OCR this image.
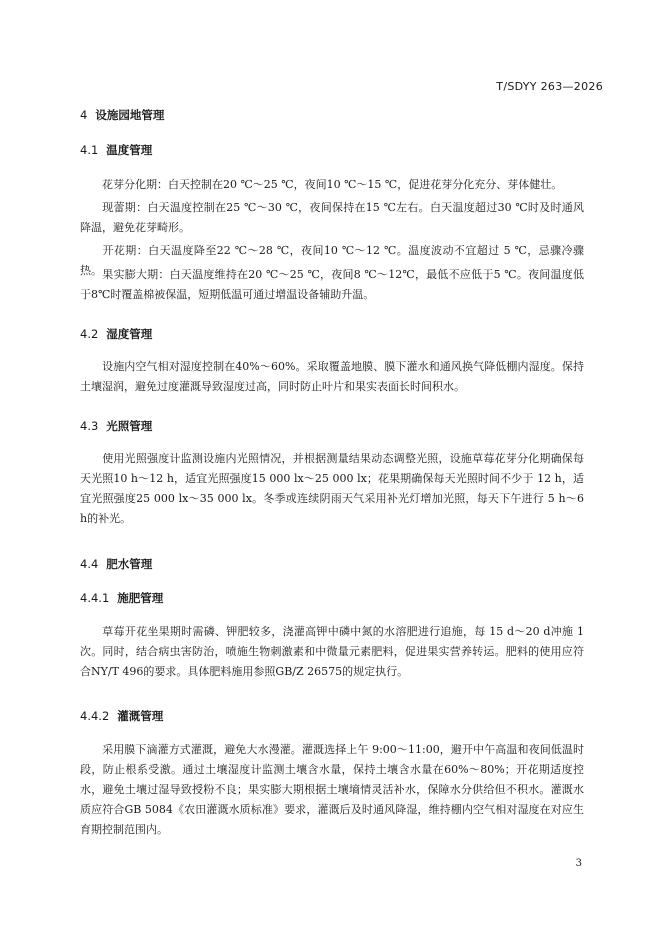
T/SDYY 263—2026
4 设施园地管理
4.1 温度管理
花芽分化期：白天控制在20 ℃～25 ℃，夜间10 ℃～15 ℃，促进花芽分化充分、芽体健壮。
现蕾期：白天温度控制在25 ℃～30 ℃，夜间保持在15 ℃左右。白天温度超过30 ℃时及时通风降温，避免花芽畸形。
开花期：白天温度降至22 ℃～28 ℃，夜间10 ℃～12 ℃。温度波动不宜超过 5 ℃，忌骤冷骤热。 果实膨大期：白天温度维持在20 ℃～25 ℃，夜间8 ℃～12℃，最低不应低于5 ℃。夜间温度低于8℃时覆盖棉被保温，短期低温可通过增温设备辅助升温。
4.2 湿度管理
设施内空气相对湿度控制在40%～60%。采取覆盖地膜、膜下灌水和通风换气降低棚内湿度。保持土壤湿润，避免过度灌溉导致湿度过高，同时防止叶片和果实表面长时间积水。
4.3 光照管理
使用光照强度计监测设施内光照情况，并根据测量结果动态调整光照，设施草莓花芽分化期确保每天光照10 h～12 h，适宜光照强度15 000 lx～25 000 lx；花果期确保每天光照时间不少于 12 h，适宜光照强度25 000 lx～35 000 lx。冬季或连续阴雨天气采用补光灯增加光照，每天下午进行 5 h～6 h的补光。
4.4 肥水管理
4.4.1 施肥管理
草莓开花坐果期时需磷、钾肥较多，浇灌高钾中磷中氮的水溶肥进行追施，每 15 d～20 d冲施 1 次。同时，结合病虫害防治，喷施生物刺激素和中微量元素肥料，促进果实营养转运。肥料的使用应符合NY/T 496的要求。具体肥料施用参照GB/Z 26575的规定执行。
4.4.2 灌溉管理
采用膜下滴灌方式灌溉，避免大水漫灌。灌溉选择上午 9:00～11:00，避开中午高温和夜间低温时段，防止根系受激。通过土壤湿度计监测土壤含水量，保持土壤含水量在60%～80%；开花期适度控水，避免土壤过湿导致授粉不良；果实膨大期根据土壤墒情灵活补水，保障水分供给但不积水。灌溉水质应符合GB 5084《农田灌溉水质标准》要求，灌溉后及时通风降湿，维持棚内空气相对湿度在对应生育期控制范围内。
3
